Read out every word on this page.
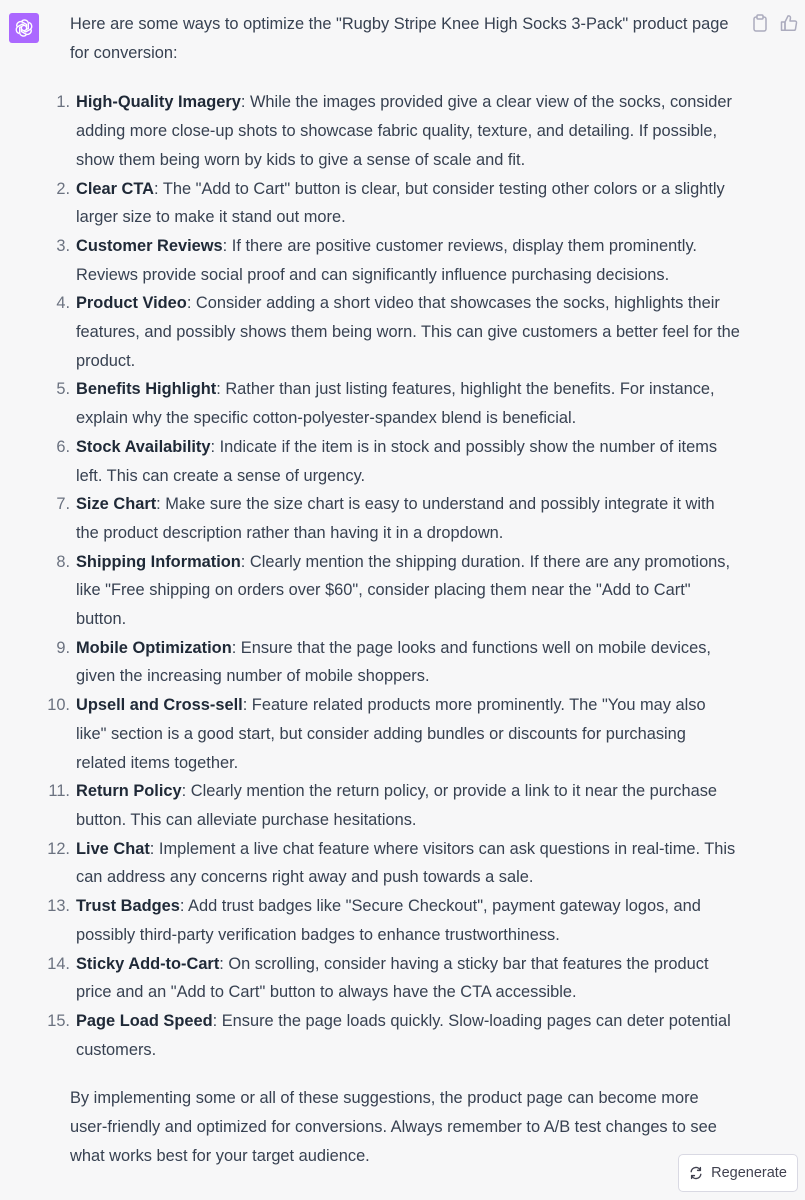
Here are some ways to optimize the "Rugby Stripe Knee High Socks 3-Pack" product page for conversion:

1. High-Quality Imagery: While the images provided give a clear view of the socks, consider adding more close-up shots to showcase fabric quality, texture, and detailing. If possible, show them being worn by kids to give a sense of scale and fit.
2. Clear CTA: The "Add to Cart" button is clear, but consider testing other colors or a slightly larger size to make it stand out more.
3. Customer Reviews: If there are positive customer reviews, display them prominently. Reviews provide social proof and can significantly influence purchasing decisions.
4. Product Video: Consider adding a short video that showcases the socks, highlights their features, and possibly shows them being worn. This can give customers a better feel for the product.
5. Benefits Highlight: Rather than just listing features, highlight the benefits. For instance, explain why the specific cotton-polyester-spandex blend is beneficial.
6. Stock Availability: Indicate if the item is in stock and possibly show the number of items left. This can create a sense of urgency.
7. Size Chart: Make sure the size chart is easy to understand and possibly integrate it with the product description rather than having it in a dropdown.
8. Shipping Information: Clearly mention the shipping duration. If there are any promotions, like "Free shipping on orders over $60", consider placing them near the "Add to Cart" button.
9. Mobile Optimization: Ensure that the page looks and functions well on mobile devices, given the increasing number of mobile shoppers.
10. Upsell and Cross-sell: Feature related products more prominently. The "You may also like" section is a good start, but consider adding bundles or discounts for purchasing related items together.
11. Return Policy: Clearly mention the return policy, or provide a link to it near the purchase button. This can alleviate purchase hesitations.
12. Live Chat: Implement a live chat feature where visitors can ask questions in real-time. This can address any concerns right away and push towards a sale.
13. Trust Badges: Add trust badges like "Secure Checkout", payment gateway logos, and possibly third-party verification badges to enhance trustworthiness.
14. Sticky Add-to-Cart: On scrolling, consider having a sticky bar that features the product price and an "Add to Cart" button to always have the CTA accessible.
15. Page Load Speed: Ensure the page loads quickly. Slow-loading pages can deter potential customers.

By implementing some or all of these suggestions, the product page can become more user-friendly and optimized for conversions. Always remember to A/B test changes to see what works best for your target audience.

Regenerate
